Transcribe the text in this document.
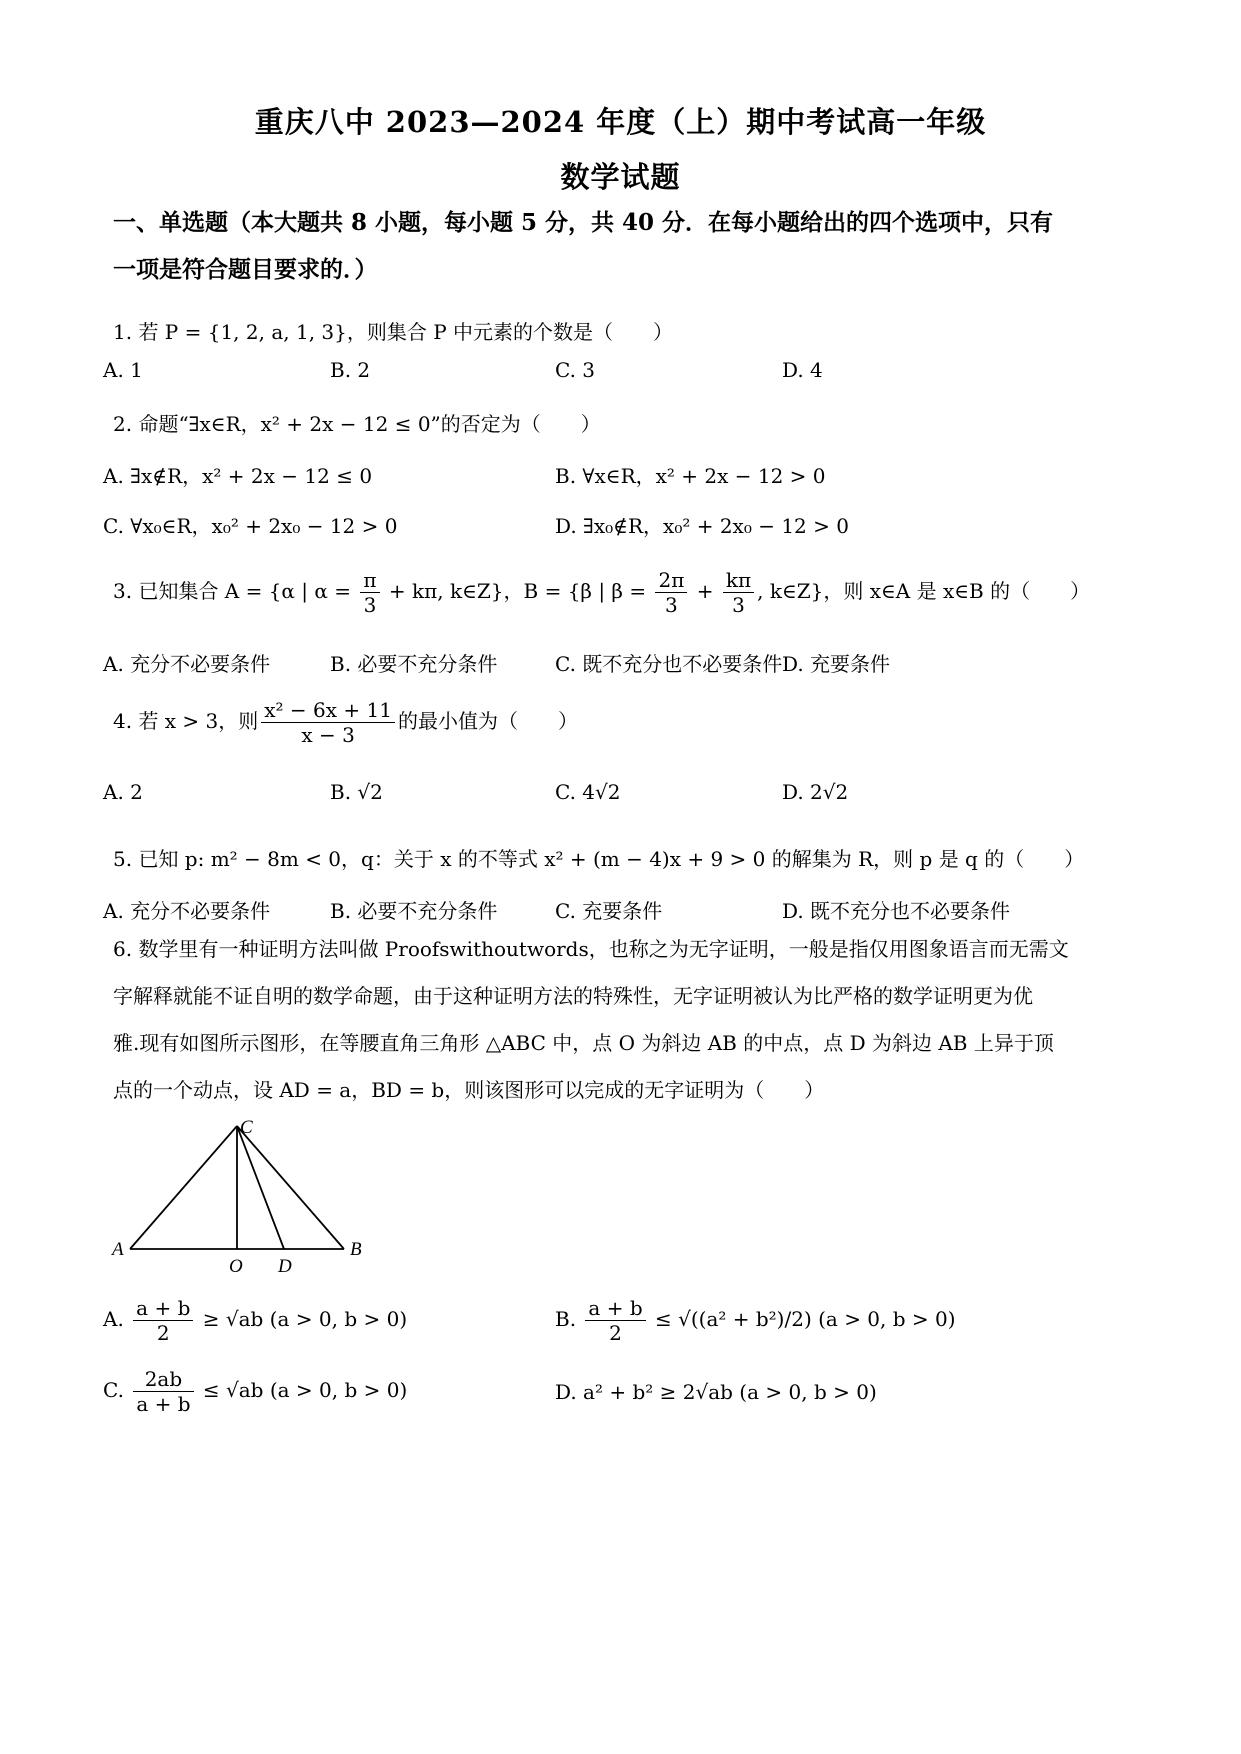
重庆八中 2023—2024 年度（上）期中考试高一年级
数学试题
一、单选题（本大题共 8 小题，每小题 5 分，共 40 分．在每小题给出的四个选项中，只有
一项是符合题目要求的．）
1. 若 P = {1, 2, a, 1, 3}，则集合 P 中元素的个数是（　　）
A. 1	B. 2	C. 3	D. 4
2. 命题“∃x∈R，x² + 2x − 12 ≤ 0”的否定为（　　）
A. ∃x∉R，x² + 2x − 12 ≤ 0	B. ∀x∈R，x² + 2x − 12 > 0
C. ∀x₀∈R，x₀² + 2x₀ − 12 > 0	D. ∃x₀∉R，x₀² + 2x₀ − 12 > 0
3. 已知集合 A = {α | $\alpha = \frac{\pi}{3} + k\pi$, k∈Z}，B = {β | $\beta = \frac{2\pi}{3} + \frac{k\pi}{3}$ , k∈Z}，则 x∈A 是 x∈B 的（　　）
A. 充分不必要条件	B. 必要不充分条件	C. 既不充分也不必要条件 D. 充要条件
4. 若 x > 3，则 $\frac{\text{x² − 6x + 11}}{x - 3}$ 的最小值为（　　）
A. 2	B. √2	C. 4√2	D. 2√2
5. 已知 p: m² − 8m < 0，q：关于 x 的不等式 x² + (m − 4)x + 9 > 0 的解集为 R，则 p 是 q 的（　　）
A. 充分不必要条件	B. 必要不充分条件	C. 充要条件	D. 既不充分也不必要条件
6. 数学里有一种证明方法叫做 Proofswithoutwords，也称之为无字证明，一般是指仅用图象语言而无需文
字解释就能不证自明的数学命题，由于这种证明方法的特殊性，无字证明被认为比严格的数学证明更为优
雅.现有如图所示图形，在等腰直角三角形 △ABC 中，点 O 为斜边 AB 的中点，点 D 为斜边 AB 上异于顶
点的一个动点，设 AD = a，BD = b，则该图形可以完成的无字证明为（　　）
C
A	B
O D
A. $\frac{a + b}{2} \ge √ab$ (a > 0, b > 0)	B. $\frac{a + b}{2} \le √((a^2 + b^2)/2) (a > 0$, b > 0)
C. $\frac{2ab}{a + b} \le √ab$ (a > 0, b > 0)	D. a² + b² ≥ 2√ab (a > 0, b > 0)
